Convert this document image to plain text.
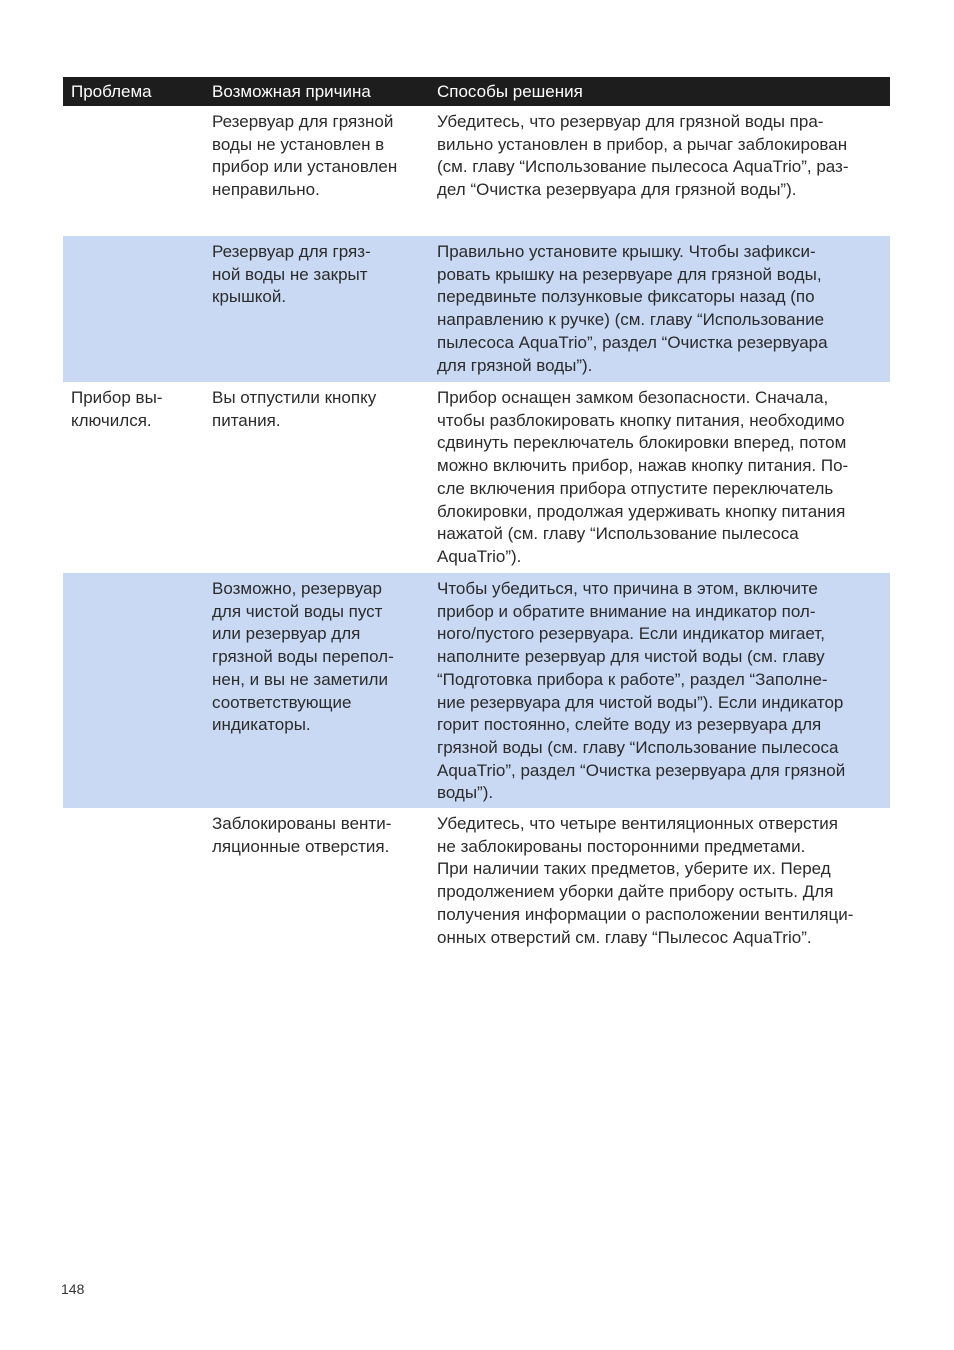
Проблема	Возможная причина	Способы решения
Резервуар для грязной
воды не установлен в
прибор или установлен
неправильно.
Убедитесь, что резервуар для грязной воды пра-
вильно установлен в прибор, а рычаг заблокирован
(см. главу “Использование пылесоса AquaTrio”, раз-
дел “Очистка резервуара для грязной воды”).
Резервуар для гряз-
ной воды не закрыт
крышкой.
Правильно установите крышку. Чтобы зафикси-
ровать крышку на резервуаре для грязной воды,
передвиньте ползунковые фиксаторы назад (по
направлению к ручке) (см. главу “Использование
пылесоса AquaTrio”, раздел “Очистка резервуара
для грязной воды”).
Прибор вы-
ключился.
Вы отпустили кнопку
питания.
Прибор оснащен замком безопасности. Сначала,
чтобы разблокировать кнопку питания, необходимо
сдвинуть переключатель блокировки вперед, потом
можно включить прибор, нажав кнопку питания. По-
сле включения прибора отпустите переключатель
блокировки, продолжая удерживать кнопку питания
нажатой (см. главу “Использование пылесоса
AquaTrio”).
Возможно, резервуар
для чистой воды пуст
или резервуар для
грязной воды перепол-
нен, и вы не заметили
соответствующие
индикаторы.
Чтобы убедиться, что причина в этом, включите
прибор и обратите внимание на индикатор пол-
ного/пустого резервуара. Если индикатор мигает,
наполните резервуар для чистой воды (см. главу
“Подготовка прибора к работе”, раздел “Заполне-
ние резервуара для чистой воды”). Если индикатор
горит постоянно, слейте воду из резервуара для
грязной воды (см. главу “Использование пылесоса
AquaTrio”, раздел “Очистка резервуара для грязной
воды”).
Заблокированы венти-
ляционные отверстия.
Убедитесь, что четыре вентиляционных отверстия
не заблокированы посторонними предметами.
При наличии таких предметов, уберите их. Перед
продолжением уборки дайте прибору остыть. Для
получения информации о расположении вентиляци-
онных отверстий см. главу “Пылесос AquaTrio”.
148
